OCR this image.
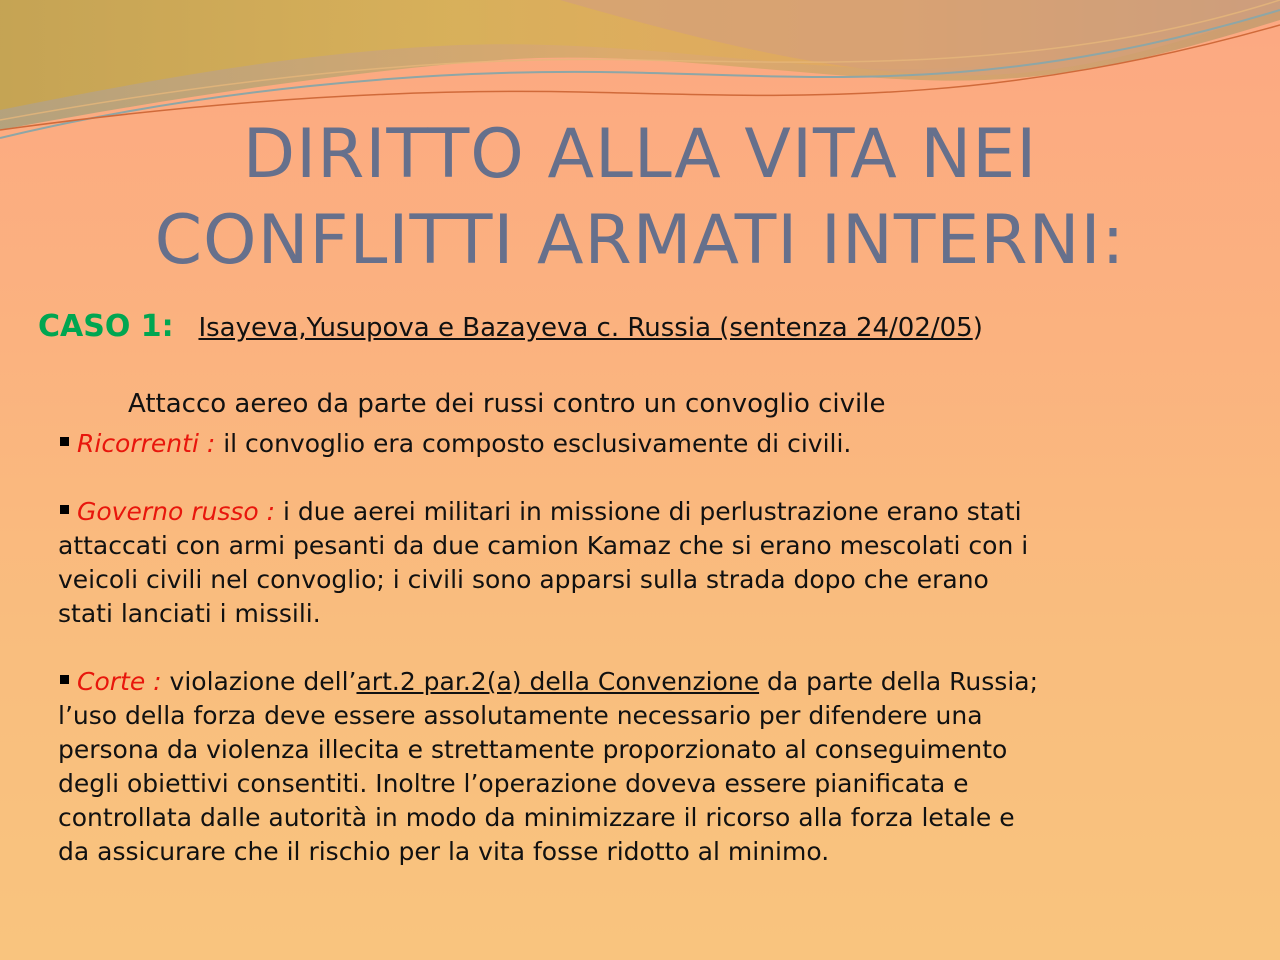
DIRITTO ALLA VITA NEI
CONFLITTI ARMATI INTERNI:
CASO 1: Isayeva,Yusupova e Bazayeva c. Russia (sentenza 24/02/05)
Attacco aereo da parte dei russi contro un convoglio civile

Ricorrenti : il convoglio era composto esclusivamente di civili.

Governo russo : i due aerei militari in missione di perlustrazione erano stati attaccati con armi pesanti da due camion Kamaz che si erano mescolati con i veicoli civili nel convoglio; i civili sono apparsi sulla strada dopo che erano stati lanciati i missili.

Corte : violazione dell’art.2 par.2(a) della Convenzione da parte della Russia; l’uso della forza deve essere assolutamente necessario per difendere una persona da violenza illecita e strettamente proporzionato al conseguimento degli obiettivi consentiti. Inoltre l’operazione doveva essere pianificata e controllata dalle autorità in modo da minimizzare il ricorso alla forza letale e da assicurare che il rischio per la vita fosse ridotto al minimo.
